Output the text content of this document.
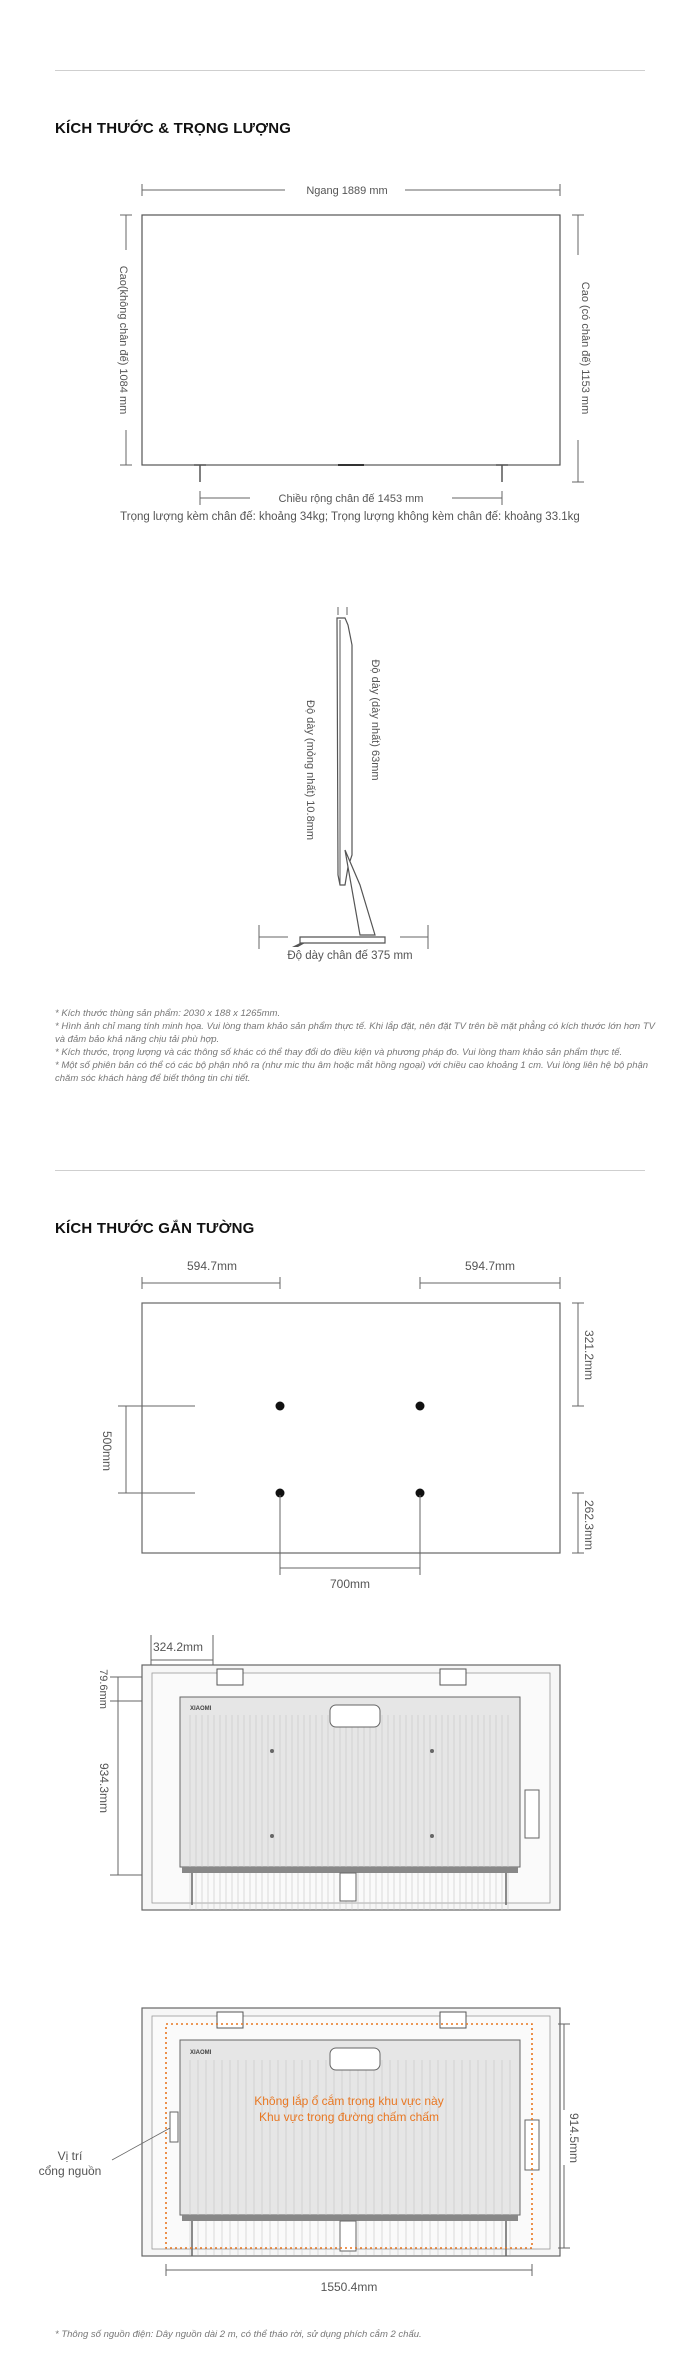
KÍCH THƯỚC & TRỌNG LƯỢNG
Ngang 1889 mm
Cao(không chân đế) 1084 mm	Cao (có chân đế) 1153 mm
Chiều rộng chân đế 1453 mm
Trọng lượng kèm chân đế: khoảng 34kg; Trọng lượng không kèm chân đế: khoảng 33.1kg
Độ dày (mỏng nhất) 10.8mm	Độ dày (dày nhất) 63mm
Độ dày chân đế 375 mm

* Kích thước thùng sản phẩm: 2030 x 188 x 1265mm.

* Hình ảnh chỉ mang tính minh họa. Vui lòng tham khảo sản phẩm thực tế. Khi lắp đặt, nên đặt TV trên bề mặt phẳng có kích thước lớn hơn TV và đảm bảo khả năng chịu tải phù hợp.

* Kích thước, trọng lượng và các thông số khác có thể thay đổi do điều kiện và phương pháp đo. Vui lòng tham khảo sản phẩm thực tế.

* Một số phiên bản có thể có các bộ phận nhô ra (như mic thu âm hoặc mắt hồng ngoại) với chiều cao khoảng 1 cm. Vui lòng liên hệ bộ phận chăm sóc khách hàng để biết thông tin chi tiết.

KÍCH THƯỚC GẮN TƯỜNG
594.7mm	594.7mm
500mm
321.2mm
262.3mm
700mm
324.2mm
79.6mm
934.3mm
XIAOMI
XIAOMI
Không lắp ổ cắm trong khu vực này
Khu vực trong đường chấm chấm
Vị trí
cổng nguồn
914.5mm
1550.4mm
* Thông số nguồn điện: Dây nguồn dài 2 m, có thể tháo rời, sử dụng phích cắm 2 chấu.
